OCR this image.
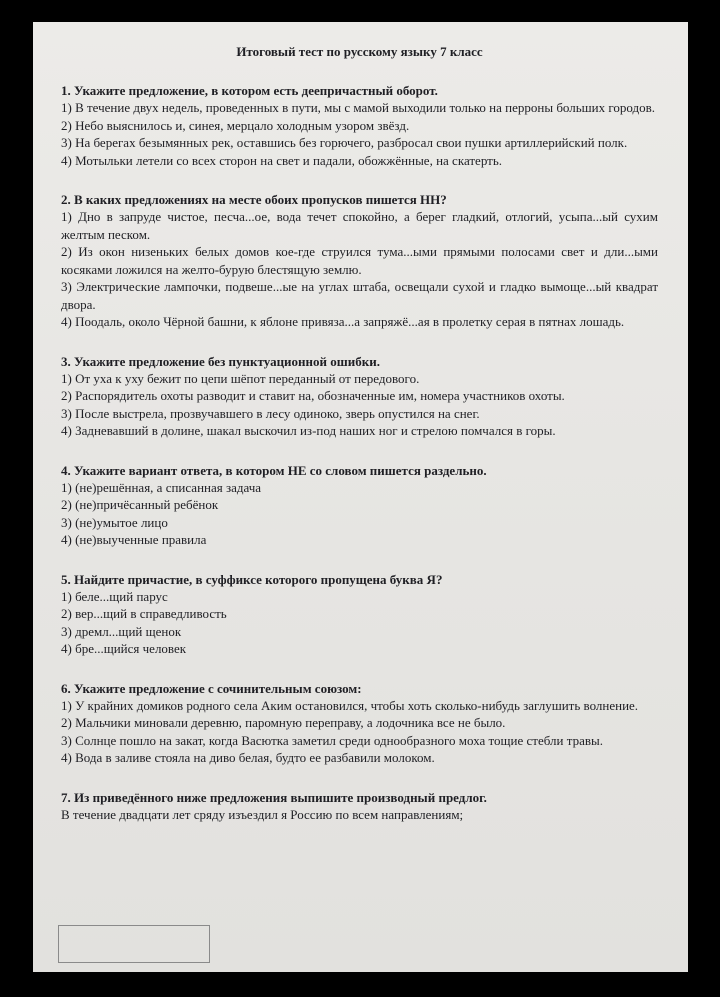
Итоговый тест по русскому языку 7 класс

1. Укажите предложение, в котором есть деепричастный оборот.

1) В течение двух недель, проведенных в пути, мы с мамой выходили только на перроны больших городов.

2) Небо выяснилось и, синея, мерцало холодным узором звёзд.

3) На берегах безымянных рек, оставшись без горючего, разбросал свои пушки артиллерийский полк.

4) Мотыльки летели со всех сторон на свет и падали, обожжённые, на скатерть.

2. В каких предложениях на месте обоих пропусков пишется НН?

1) Дно в запруде чистое, песча...ое, вода течет спокойно, а берег гладкий, отлогий, усыпа...ый сухим желтым песком.

2) Из окон низеньких белых домов кое-где струился тума...ыми прямыми полосами свет и дли...ыми косяками ложился на желто-бурую блестящую землю.

3) Электрические лампочки, подвеше...ые на углах штаба, освещали сухой и гладко вымоще...ый квадрат двора.

4) Поодаль, около Чёрной башни, к яблоне привяза...а запряжё...ая в пролетку серая в пятнах лошадь.

3. Укажите предложение без пунктуационной ошибки.

1) От уха к уху бежит по цепи шёпот переданный от передового.

2) Распорядитель охоты разводит и ставит на, обозначенные им, номера участников охоты.

3) После выстрела, прозвучавшего в лесу одиноко, зверь опустился на снег.

4) Задневавший в долине, шакал выскочил из-под наших ног и стрелою помчался в горы.

4. Укажите вариант ответа, в котором НЕ со словом пишется раздельно.

1) (не)решённая, а списанная задача

2) (не)причёсанный ребёнок

3) (не)умытое лицо

4) (не)выученные правила

5. Найдите причастие, в суффиксе которого пропущена буква Я?

1) беле...щий парус

2) вер...щий в справедливость

3) дремл...щий щенок

4) бре...щийся человек

6. Укажите предложение с сочинительным союзом:

1) У крайних домиков родного села Аким остановился, чтобы хоть сколько-нибудь заглушить волнение.

2) Мальчики миновали деревню, паромную переправу, а лодочника все не было.

3) Солнце пошло на закат, когда Васютка заметил среди однообразного моха тощие стебли травы.

4) Вода в заливе стояла на диво белая, будто ее разбавили молоком.

7. Из приведённого ниже предложения выпишите производный предлог.

В течение двадцати лет сряду изъездил я Россию по всем направлениям;
